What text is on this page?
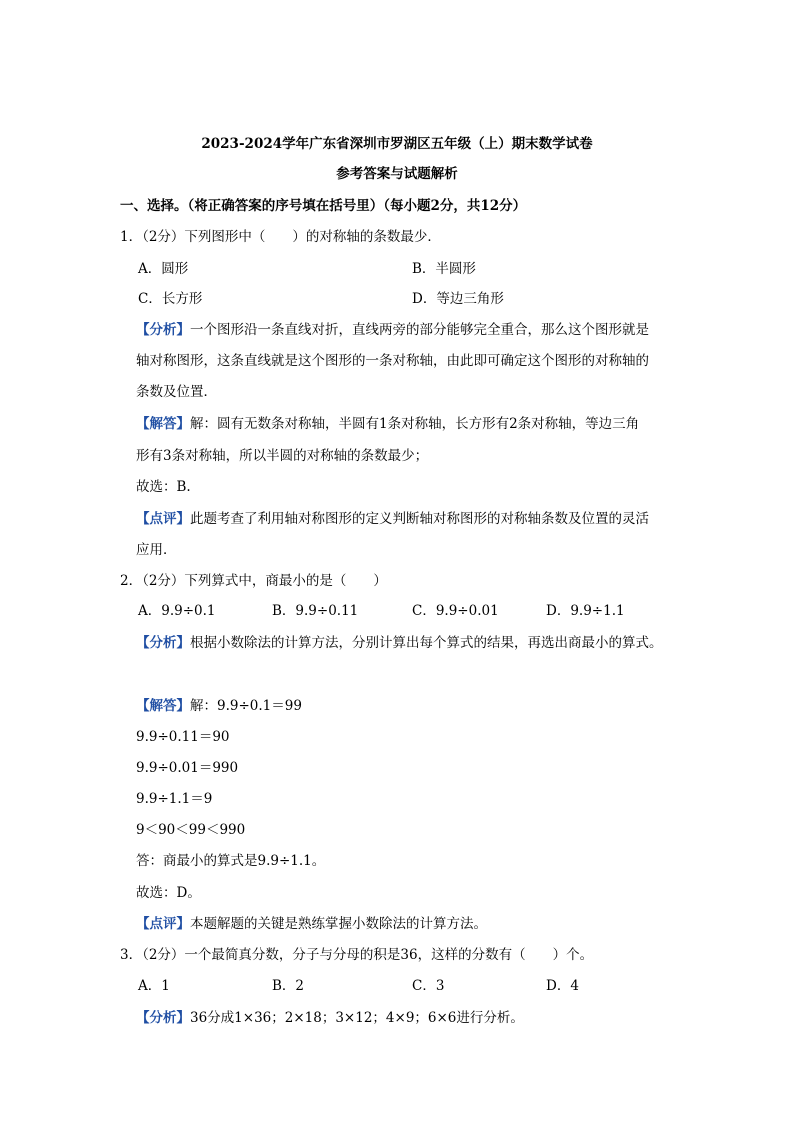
2023-2024学年广东省深圳市罗湖区五年级（上）期末数学试卷
参考答案与试题解析
一、选择。（将正确答案的序号填在括号里）（每小题2分，共12分）
1．（2分）下列图形中（　　）的对称轴的条数最少．
A．圆形	B．半圆形
C．长方形	D．等边三角形
【分析】一个图形沿一条直线对折，直线两旁的部分能够完全重合，那么这个图形就是
轴对称图形，这条直线就是这个图形的一条对称轴，由此即可确定这个图形的对称轴的
条数及位置．
【解答】解：圆有无数条对称轴，半圆有1条对称轴，长方形有2条对称轴，等边三角
形有3条对称轴，所以半圆的对称轴的条数最少；
故选：B.
【点评】此题考查了利用轴对称图形的定义判断轴对称图形的对称轴条数及位置的灵活
应用．
2．（2分）下列算式中，商最小的是（　　）
A．9.9÷0.1	B．9.9÷0.11	C．9.9÷0.01	D．9.9÷1.1
【分析】根据小数除法的计算方法，分别计算出每个算式的结果，再选出商最小的算式。
【解答】解：9.9÷0.1＝99
9.9÷0.11＝90
9.9÷0.01＝990
9.9÷1.1＝9
9＜90＜99＜990
答：商最小的算式是9.9÷1.1。
故选：D。
【点评】本题解题的关键是熟练掌握小数除法的计算方法。
3．（2分）一个最简真分数，分子与分母的积是36，这样的分数有（　　）个。
A．1	B．2	C．3	D．4
【分析】36分成1×36；2×18；3×12；4×9；6×6进行分析。
